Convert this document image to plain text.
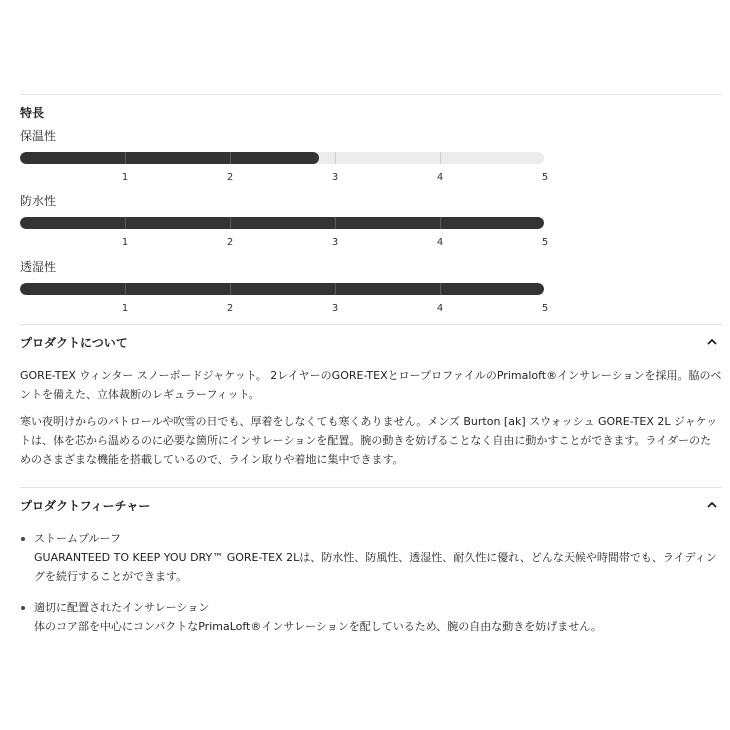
特長

保温性

1	2	3	4	5

防水性

1	2	3	4	5

透湿性

1	2	3	4	5
プロダクトについて

GORE-TEX ウィンター スノーボードジャケット。 2レイヤーのGORE-TEXとロープロファイルのPrimaloft®インサレーションを採用。脇のベントを備えた、立体裁断のレギュラーフィット。

寒い夜明けからのパトロールや吹雪の日でも、厚着をしなくても寒くありません。メンズ Burton [ak] スウォッシュ GORE-TEX 2L ジャケットは、体を芯から温めるのに必要な箇所にインサレーションを配置。腕の動きを妨げることなく自由に動かすことができます。ライダーのためのさまざまな機能を搭載しているので、ライン取りや着地に集中できます。

プロダクトフィーチャー
ストームプルーフ
GUARANTEED TO KEEP YOU DRY™ GORE-TEX 2Lは、防水性、防風性、透湿性、耐久性に優れ、どんな天候や時間帯でも、ライディングを続行することができます。
適切に配置されたインサレーション
体のコア部を中心にコンパクトなPrimaLoft®インサレーションを配しているため、腕の自由な動きを妨げません。
